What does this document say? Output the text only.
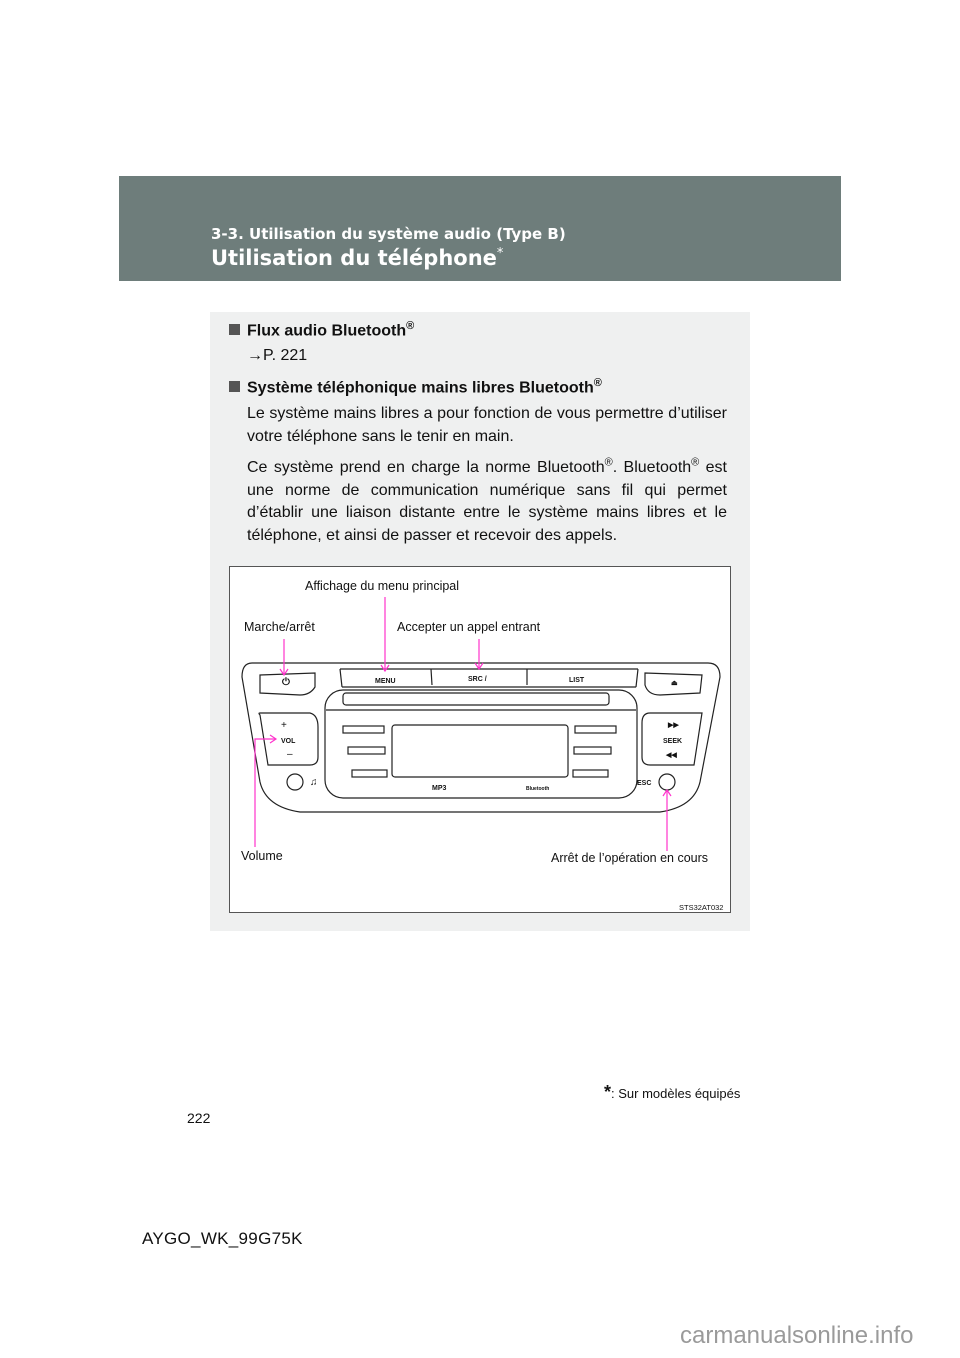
3-3. Utilisation du système audio (Type B)
Utilisation du téléphone*
Flux audio Bluetooth®
→P. 221
Système téléphonique mains libres Bluetooth®
Le système mains libres a pour fonction de vous permettre d’utiliser votre téléphone sans le tenir en main.
Ce système prend en charge la norme Bluetooth®. Bluetooth® est une norme de communication numérique sans fil qui permet d’établir une liaison distante entre le système mains libres et le téléphone, et ainsi de passer et recevoir des appels.
MENU	SRC /	LIST
VOL
+
–
SEEK
ESC
MP3	Bluetooth
⏻	⏏
▶▶
◀◀
♫
Affichage du menu principal
Marche/arrêt	Accepter un appel entrant
Volume	Arrêt de l’opération en cours
STS32AT032
*: Sur modèles équipés
222
AYGO_WK_99G75K
carmanualsonline.info
